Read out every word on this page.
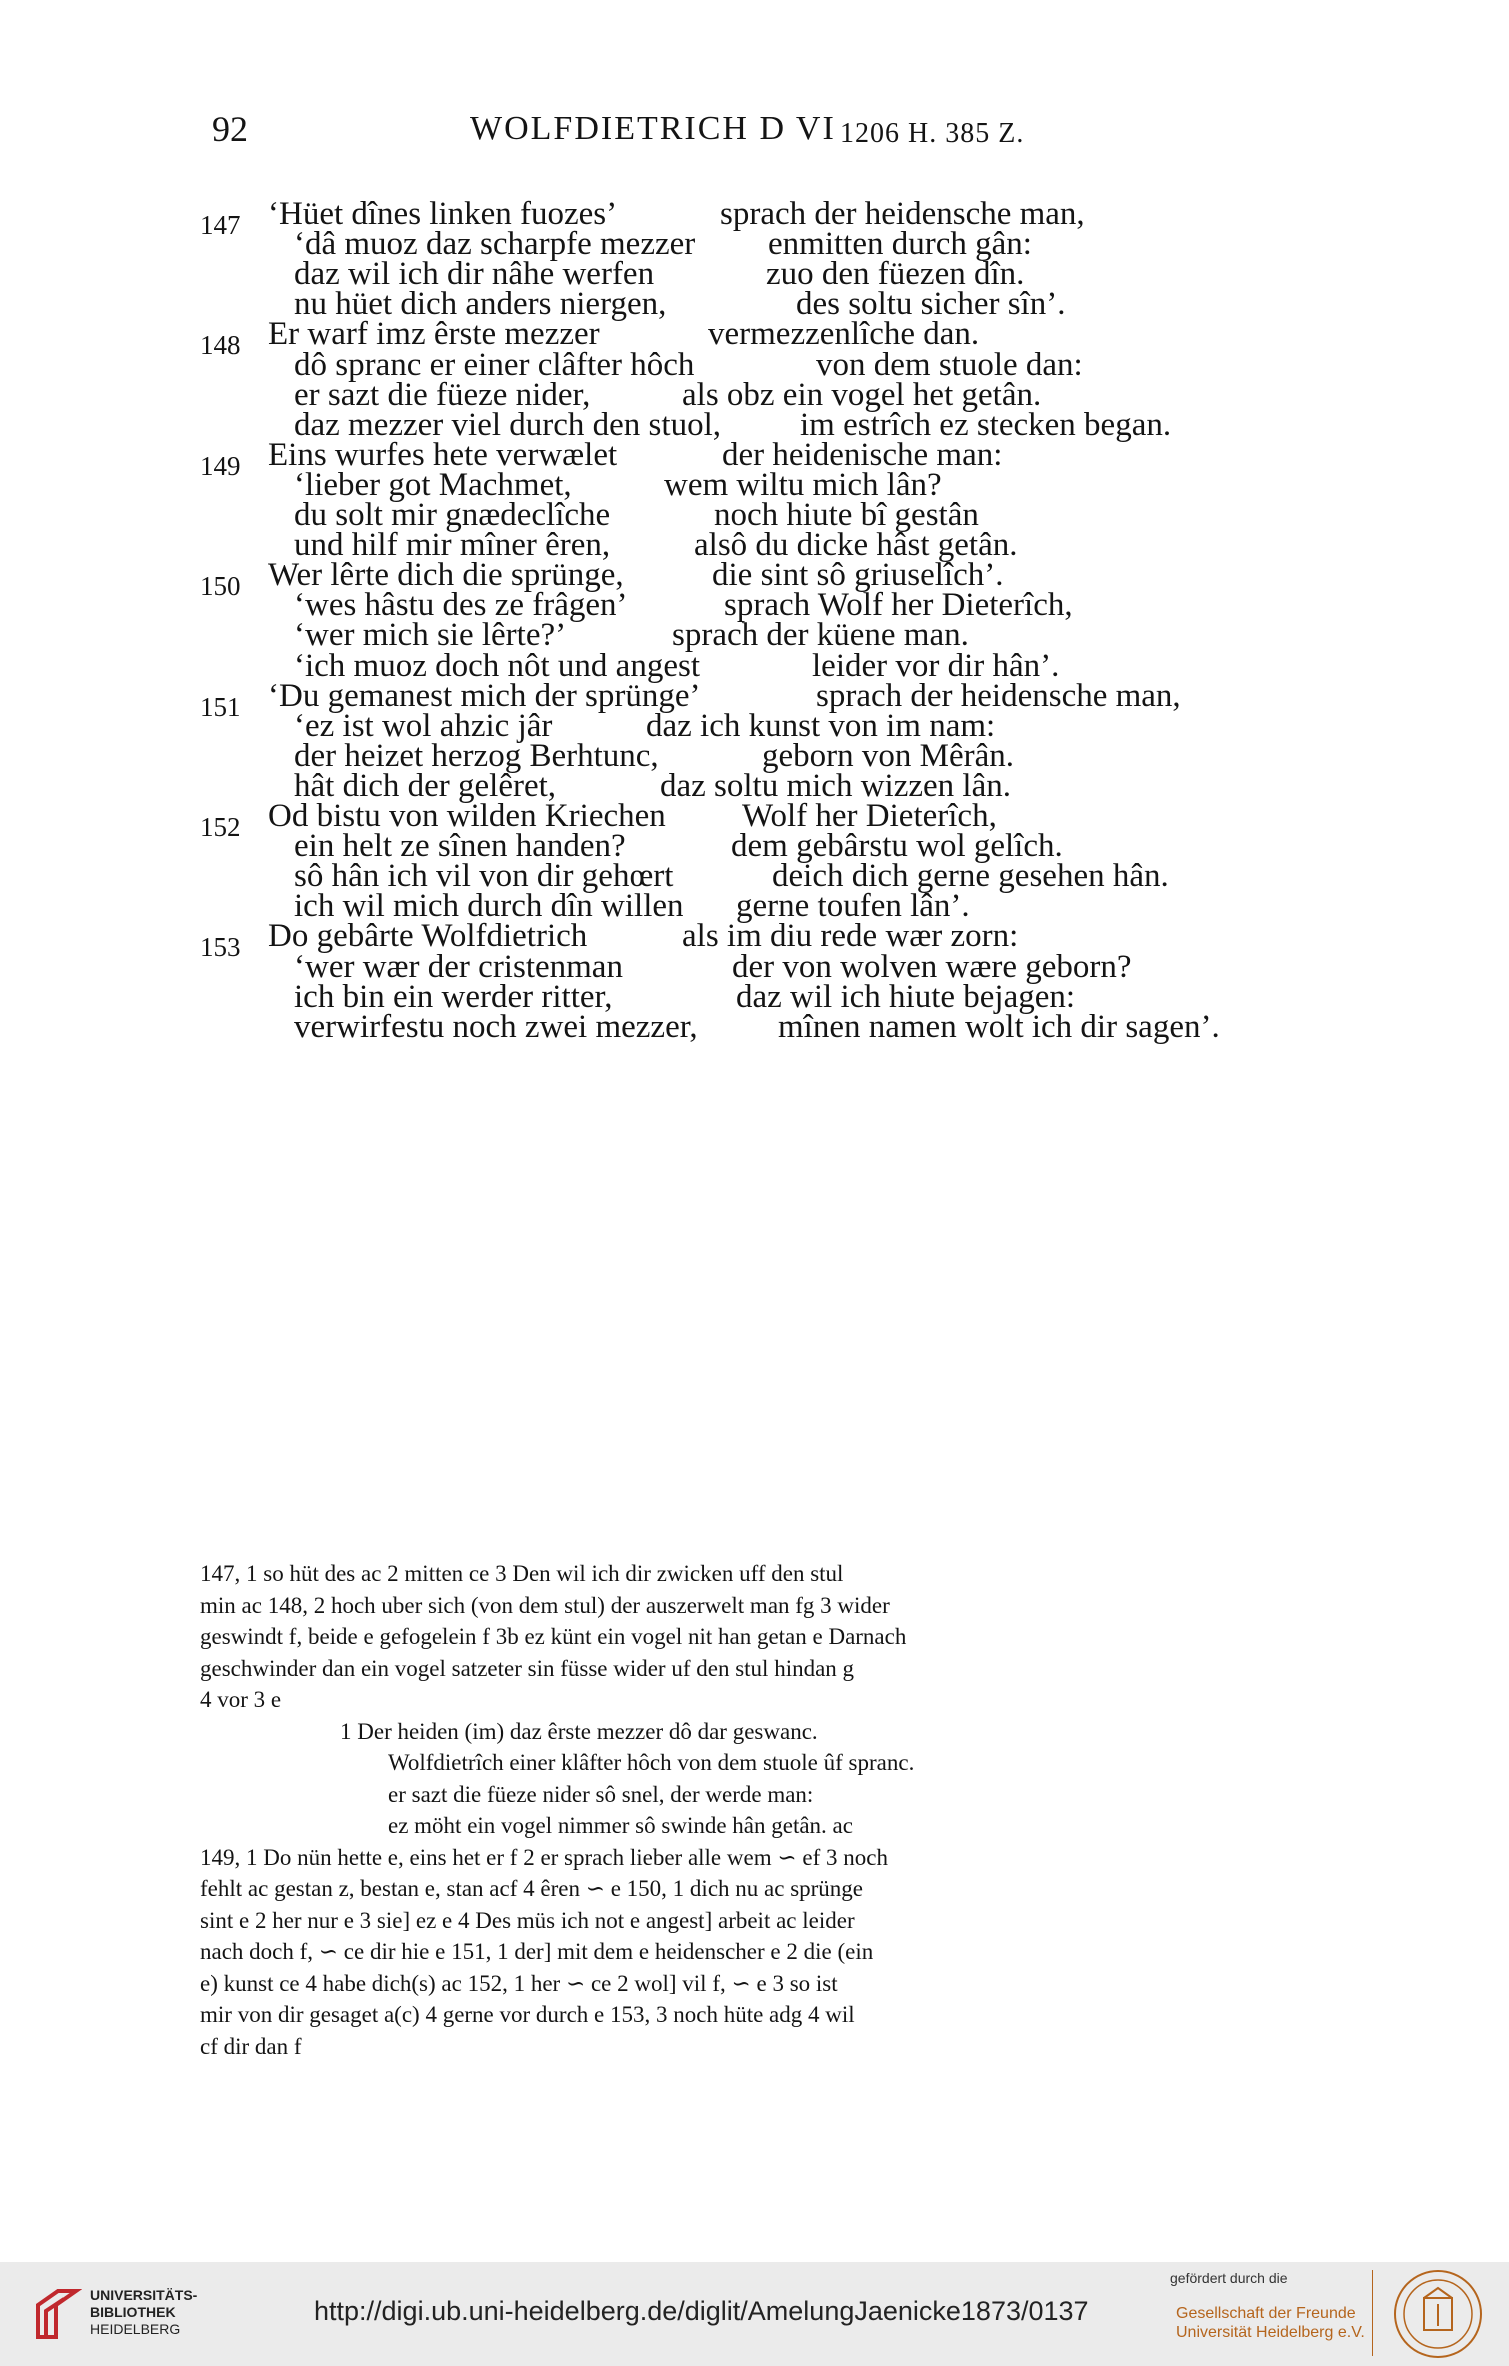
92	WOLFDIETRICH D VI 1206 H. 385 Z.
147 ‘Hüet dînes linken fuozes’	sprach der heidensche man,
‘dâ muoz daz scharpfe mezzer enmitten durch gân:
daz wil ich dir nâhe werfen	zuo den füezen dîn.
nu hüet dich anders niergen,	des soltu sicher sîn’.
148 Er warf imz êrste mezzer	vermezzenlîche dan.
dô spranc er einer clâfter hôch	von dem stuole dan:
er sazt die füeze nider,	als obz ein vogel het getân.
daz mezzer viel durch den stuol, im estrîch ez stecken began.
149 Eins wurfes hete verwælet	der heidenische man:
‘lieber got Machmet,	wem wiltu mich lân?
du solt mir gnædeclîche	noch hiute bî gestân
und hilf mir mîner êren,	alsô du dicke hâst getân.
150 Wer lêrte dich die sprünge,	die sint sô griuselîch’.
‘wes hâstu des ze frâgen’	sprach Wolf her Dieterîch,
‘wer mich sie lêrte?’	sprach der küene man.
‘ich muoz doch nôt und angest	leider vor dir hân’.
151 ‘Du gemanest mich der sprünge’	sprach der heidensche man,
‘ez ist wol ahzic jâr	daz ich kunst von im nam:
der heizet herzog Berhtunc,	geborn von Mêrân.
hât dich der gelêret,	daz soltu mich wizzen lân.
152 Od bistu von wilden Kriechen Wolf her Dieterîch,
ein helt ze sînen handen?	dem gebârstu wol gelîch.
sô hân ich vil von dir gehœrt	deich dich gerne gesehen hân.
ich wil mich durch dîn willen gerne toufen lân’.
153 Do gebârte Wolfdietrich	als im diu rede wær zorn:
‘wer wær der cristenman	der von wolven wære geborn?
ich bin ein werder ritter,	daz wil ich hiute bejagen:
verwirfestu noch zwei mezzer, mînen namen wolt ich dir sagen’.
147, 1 so hüt des ac 2 mitten ce 3 Den wil ich dir zwicken uff den stul
min ac 148, 2 hoch uber sich (von dem stul) der auszerwelt man fg 3 wider
geswindt f, beide e gefogelein f 3b ez künt ein vogel nit han getan e Darnach
geschwinder dan ein vogel satzeter sin füsse wider uf den stul hindan g
4 vor 3 e
1 Der heiden (im) daz êrste mezzer dô dar geswanc.
Wolfdietrîch einer klâfter hôch von dem stuole ûf spranc.
er sazt die füeze nider sô snel, der werde man:
ez möht ein vogel nimmer sô swinde hân getân. ac
149, 1 Do nün hette e, eins het er f 2 er sprach lieber alle wem ∽ ef 3 noch
fehlt ac gestan z, bestan e, stan acf 4 êren ∽ e 150, 1 dich nu ac sprünge
sint e 2 her nur e 3 sie] ez e 4 Des müs ich not e angest] arbeit ac leider
nach doch f, ∽ ce dir hie e 151, 1 der] mit dem e heidenscher e 2 die (ein
e) kunst ce 4 habe dich(s) ac 152, 1 her ∽ ce 2 wol] vil f, ∽ e 3 so ist
mir von dir gesaget a(c) 4 gerne vor durch e 153, 3 noch hüte adg 4 wil
cf dir dan f
UNIVERSITÄTS-
BIBLIOTHEK
HEIDELBERG
http://digi.ub.uni-heidelberg.de/diglit/AmelungJaenicke1873/0137
gefördert durch die
Gesellschaft der Freunde
Universität Heidelberg e.V.
